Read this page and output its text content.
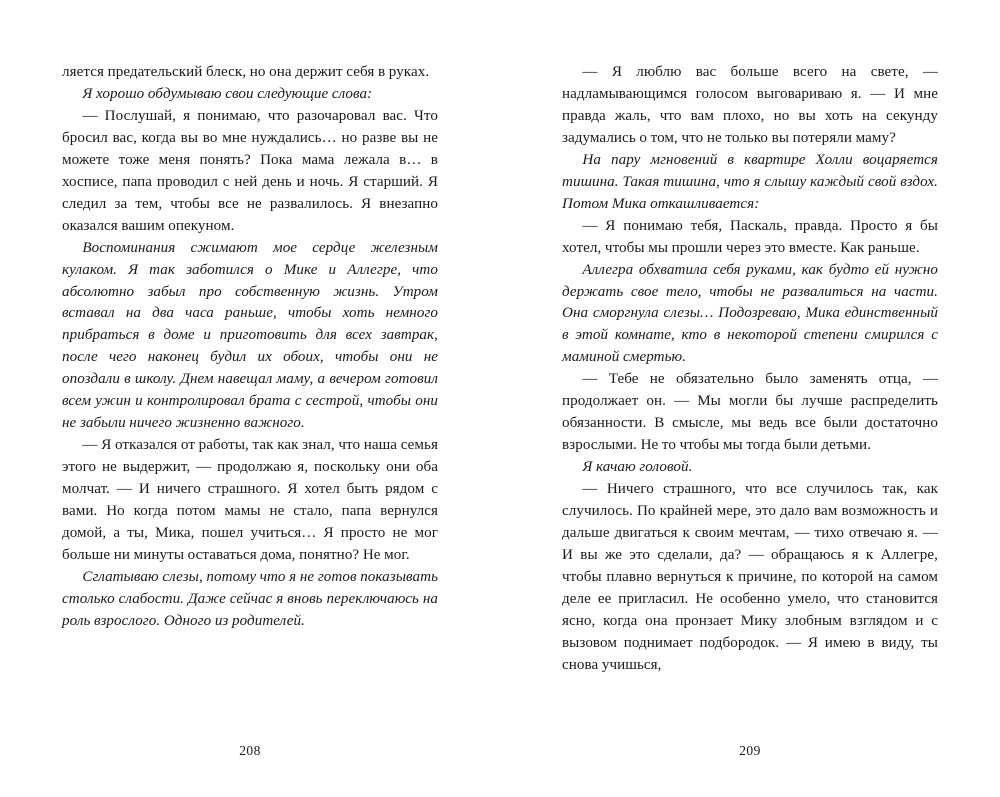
ляется предательский блеск, но она держит себя в руках.

Я хорошо обдумываю свои следующие слова:

— Послушай, я понимаю, что разочаровал вас. Что бросил вас, когда вы во мне нуждались… но разве вы не можете тоже меня понять? Пока мама лежала в… в хосписе, папа проводил с ней день и ночь. Я старший. Я следил за тем, чтобы все не развалилось. Я внезапно оказался вашим опекуном.

Воспоминания сжимают мое сердце железным кулаком. Я так заботился о Мике и Аллегре, что абсолютно забыл про собственную жизнь. Утром вставал на два часа раньше, чтобы хоть немного прибраться в доме и приготовить для всех завтрак, после чего наконец будил их обоих, чтобы они не опоздали в школу. Днем навещал маму, а вечером готовил всем ужин и контролировал брата с сестрой, чтобы они не забыли ничего жизненно важного.

— Я отказался от работы, так как знал, что наша семья этого не выдержит, — продолжаю я, поскольку они оба молчат. — И ничего страшного. Я хотел быть рядом с вами. Но когда потом мамы не стало, папа вернулся домой, а ты, Мика, пошел учиться… Я просто не мог больше ни минуты оставаться дома, понятно? Не мог.

Сглатываю слезы, потому что я не готов показывать столько слабости. Даже сейчас я вновь переключаюсь на роль взрослого. Одного из родителей.

208

— Я люблю вас больше всего на свете, — надламывающимся голосом выговариваю я. — И мне правда жаль, что вам плохо, но вы хоть на секунду задумались о том, что не только вы потеряли маму?

На пару мгновений в квартире Холли воцаряется тишина. Такая тишина, что я слышу каждый свой вздох. Потом Мика откашливается:

— Я понимаю тебя, Паскаль, правда. Просто я бы хотел, чтобы мы прошли через это вместе. Как раньше.

Аллегра обхватила себя руками, как будто ей нужно держать свое тело, чтобы не развалиться на части. Она сморгнула слезы… Подозреваю, Мика единственный в этой комнате, кто в некоторой степени смирился с маминой смертью.

— Тебе не обязательно было заменять отца, — продолжает он. — Мы могли бы лучше распределить обязанности. В смысле, мы ведь все были достаточно взрослыми. Не то чтобы мы тогда были детьми.

Я качаю головой.

— Ничего страшного, что все случилось так, как случилось. По крайней мере, это дало вам возможность и дальше двигаться к своим мечтам, — тихо отвечаю я. — И вы же это сделали, да? — обращаюсь я к Аллегре, чтобы плавно вернуться к причине, по которой на самом деле ее пригласил. Не особенно умело, что становится ясно, когда она пронзает Мику злобным взглядом и с вызовом поднимает подбородок. — Я имею в виду, ты снова учишься,

209
